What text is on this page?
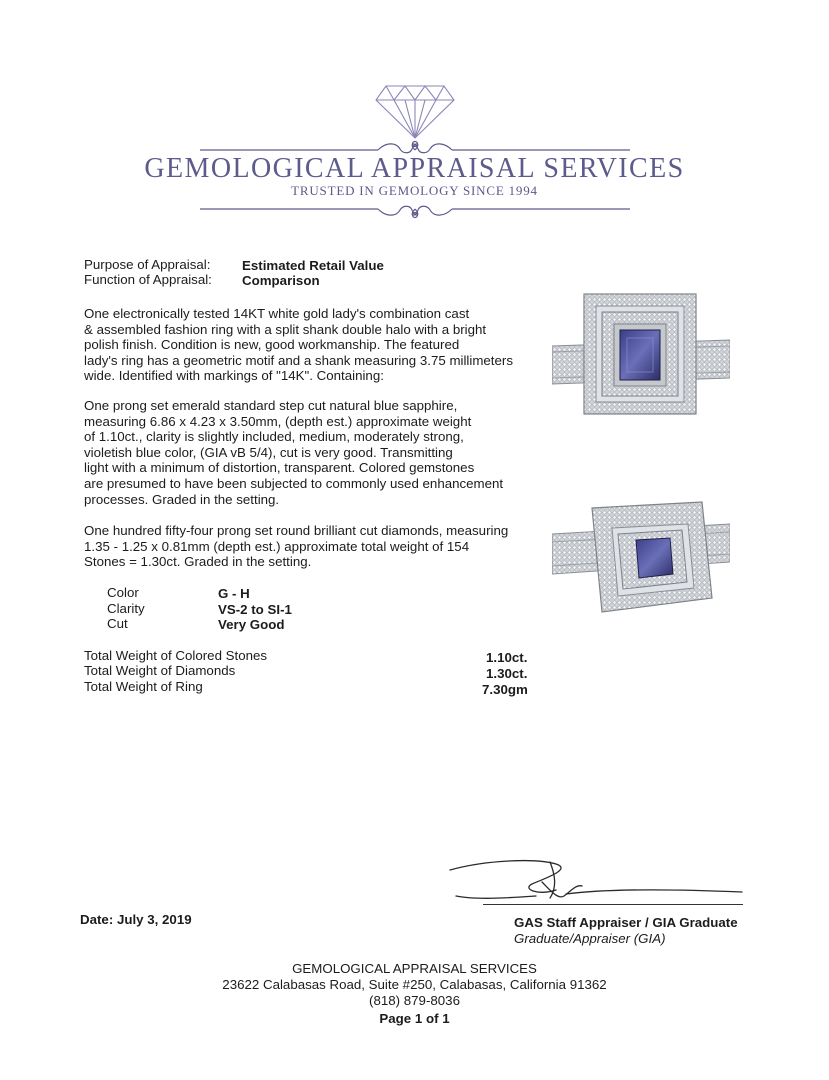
GEMOLOGICAL APPRAISAL SERVICES
TRUSTED IN GEMOLOGY SINCE 1994
Purpose of Appraisal: Estimated Retail Value
Function of Appraisal: Comparison
One electronically tested 14KT white gold lady's combination cast
& assembled fashion ring with a split shank double halo with a bright
polish finish. Condition is new, good workmanship. The featured
lady's ring has a geometric motif and a shank measuring 3.75 millimeters
wide. Identified with markings of "14K". Containing:
One prong set emerald standard step cut natural blue sapphire,
measuring 6.86 x 4.23 x 3.50mm, (depth est.) approximate weight
of 1.10ct., clarity is slightly included, medium, moderately strong,
violetish blue color, (GIA vB 5/4), cut is very good. Transmitting
light with a minimum of distortion, transparent. Colored gemstones
are presumed to have been subjected to commonly used enhancement
processes. Graded in the setting.
One hundred fifty-four prong set round brilliant cut diamonds, measuring
1.35 - 1.25 x 0.81mm (depth est.) approximate total weight of 154
Stones = 1.30ct. Graded in the setting.
Color	G - H
Clarity	VS-2 to SI-1
Cut	Very Good
Total Weight of Colored Stones	1.10ct.
Total Weight of Diamonds	1.30ct.
Total Weight of Ring	7.30gm
Date: July 3, 2019	GAS Staff Appraiser / GIA Graduate
Graduate/Appraiser (GIA)
GEMOLOGICAL APPRAISAL SERVICES
23622 Calabasas Road, Suite #250, Calabasas, California 91362
(818) 879-8036
Page 1 of 1
